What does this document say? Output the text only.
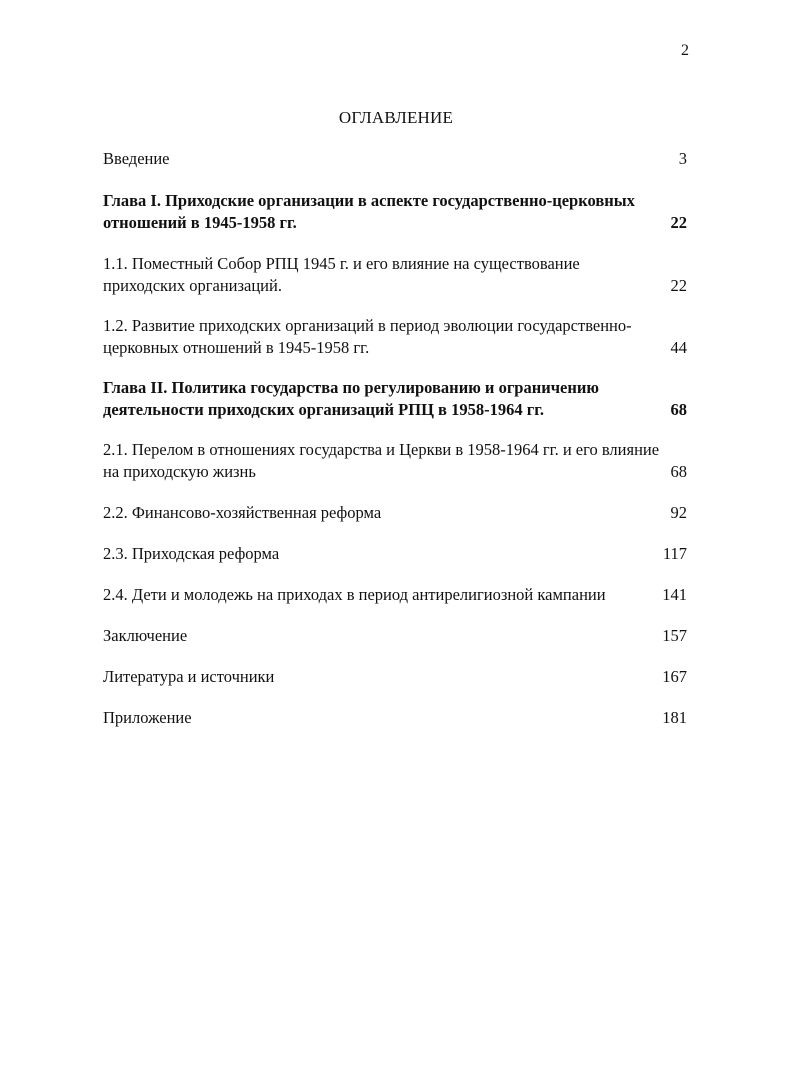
2
ОГЛАВЛЕНИЕ
Введение	3
Глава I. Приходские организации в аспекте государственно-церковных отношений в 1945-1958 гг.	22
1.1. Поместный Собор РПЦ 1945 г. и его влияние на существование приходских организаций.	22
1.2. Развитие приходских организаций в период эволюции государственно-церковных отношений в 1945-1958 гг.	44
Глава II. Политика государства по регулированию и ограничению деятельности приходских организаций РПЦ в 1958-1964 гг.	68
2.1. Перелом в отношениях государства и Церкви в 1958-1964 гг. и его влияние на приходскую жизнь	68
2.2. Финансово-хозяйственная реформа	92
2.3. Приходская реформа	117
2.4. Дети и молодежь на приходах в период антирелигиозной кампании	141
Заключение	157
Литература и источники	167
Приложение	181
